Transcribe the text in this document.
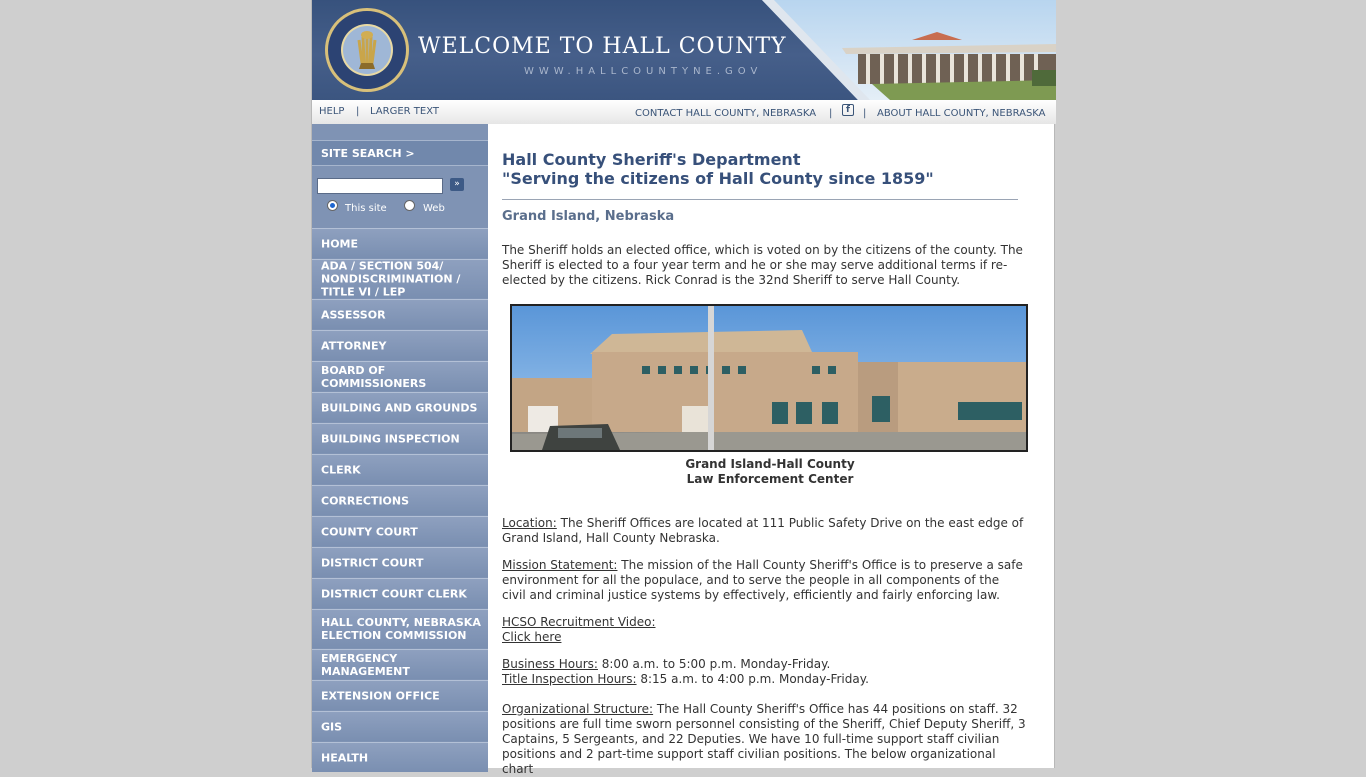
WELCOME TO HALL COUNTY
WWW.HALLCOUNTYNE.GOV
HELP | LARGER TEXT	CONTACT HALL COUNTY, NEBRASKA |	f	| ABOUT HALL COUNTY, NEBRASKA
SITE SEARCH >
»
This site	Web
HOME
ADA / SECTION 504/ NONDISCRIMINATION / TITLE VI / LEP
ASSESSOR
ATTORNEY
BOARD OF COMMISSIONERS
BUILDING AND GROUNDS
BUILDING INSPECTION
CLERK
CORRECTIONS
COUNTY COURT
DISTRICT COURT
DISTRICT COURT CLERK
HALL COUNTY, NEBRASKA ELECTION COMMISSION
EMERGENCY MANAGEMENT
EXTENSION OFFICE
GIS
HEALTH
Hall County Sheriff's Department
"Serving the citizens of Hall County since 1859"
Grand Island, Nebraska

The Sheriff holds an elected office, which is voted on by the citizens of the county. The Sheriff is elected to a four year term and he or she may serve additional terms if re-elected by the citizens. Rick Conrad is the 32nd Sheriff to serve Hall County.

Grand Island-Hall County
Law Enforcement Center

Location: The Sheriff Offices are located at 111 Public Safety Drive on the east edge of Grand Island, Hall County Nebraska.

Mission Statement: The mission of the Hall County Sheriff's Office is to preserve a safe environment for all the populace, and to serve the people in all components of the civil and criminal justice systems by effectively, efficiently and fairly enforcing law.

HCSO Recruitment Video:
Click here

Business Hours: 8:00 a.m. to 5:00 p.m. Monday-Friday.
Title Inspection Hours: 8:15 a.m. to 4:00 p.m. Monday-Friday.

Organizational Structure: The Hall County Sheriff's Office has 44 positions on staff. 32 positions are full time sworn personnel consisting of the Sheriff, Chief Deputy Sheriff, 3 Captains, 5 Sergeants, and 22 Deputies. We have 10 full-time support staff civilian positions and 2 part-time support staff civilian positions. The below organizational chart
